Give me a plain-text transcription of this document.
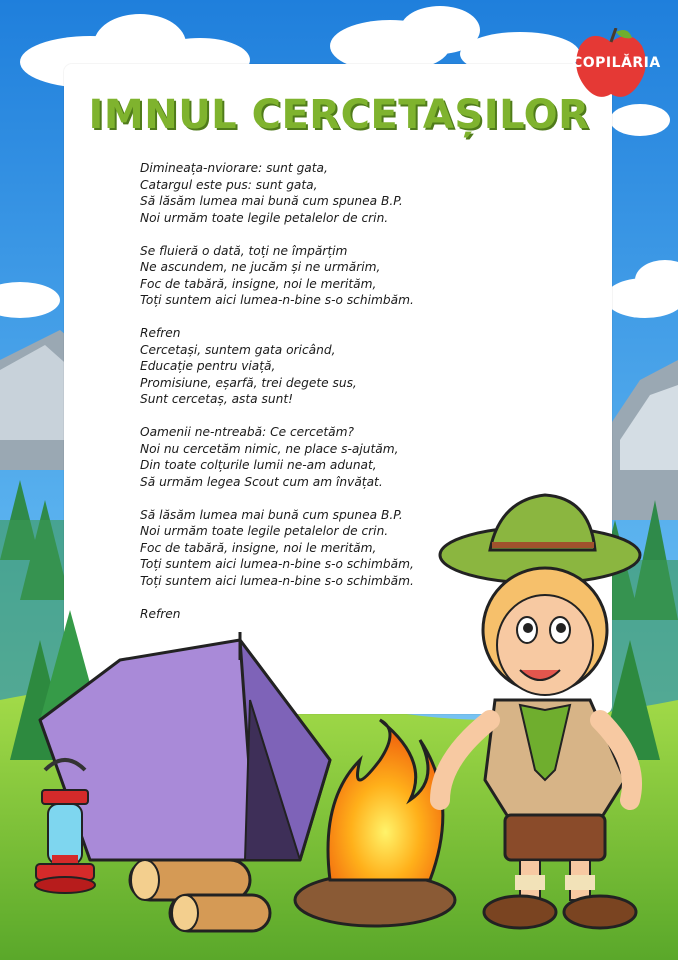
COPILĂRIA
IMNUL CERCETAȘILOR
Dimineața-nviorare: sunt gata,
Catargul este pus: sunt gata,
Să lăsăm lumea mai bună cum spunea B.P.
Noi urmăm toate legile petalelor de crin.
Se fluieră o dată, toți ne împărțim
Ne ascundem, ne jucăm și ne urmărim,
Foc de tabără, insigne, noi le merităm,
Toți suntem aici lumea-n-bine s-o schimbăm.
Refren
Cercetași, suntem gata oricând,
Educație pentru viață,
Promisiune, eșarfă, trei degete sus,
Sunt cercetaș, asta sunt!
Oamenii ne-ntreabă: Ce cercetăm?
Noi nu cercetăm nimic, ne place s-ajutăm,
Din toate colțurile lumii ne-am adunat,
Să urmăm legea Scout cum am învățat.
Să lăsăm lumea mai bună cum spunea B.P.
Noi urmăm toate legile petalelor de crin.
Foc de tabără, insigne, noi le merităm,
Toți suntem aici lumea-n-bine s-o schimbăm,
Toți suntem aici lumea-n-bine s-o schimbăm.
Refren
